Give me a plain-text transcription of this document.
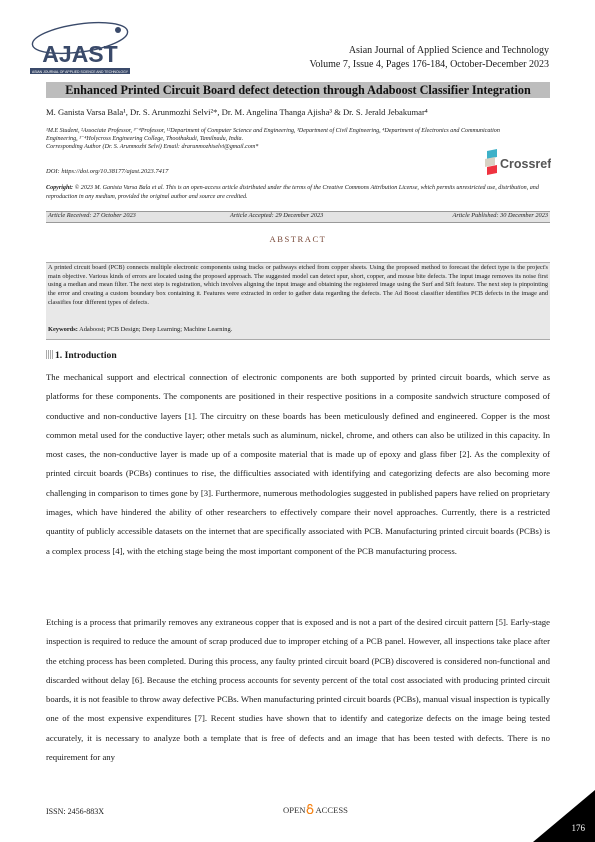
AJAST
ASIAN JOURNAL OF APPLIED SCIENCE AND TECHNOLOGY
Asian Journal of Applied Science and Technology
Volume 7, Issue 4, Pages 176-184, October-December 2023
Enhanced Printed Circuit Board defect detection through Adaboost Classifier Integration
M. Ganista Varsa Bala¹, Dr. S. Arunmozhi Selvi²*, Dr. M. Angelina Thanga Ajisha³ & Dr. S. Jerald Jebakumar⁴
¹M.E Student, ²Associate Professor, ³⁻⁴Professor, ¹²Department of Computer Science and Engineering, ³Department of Civil Engineering, ⁴Department of Electronics and Communication Engineering, ¹⁻⁴Holycross Engineering College, Thoothukudi, Tamilnadu, India.
Corresponding Author (Dr. S. Arunmozhi Selvi) Email: drarunmozhiselvi@gmail.com*
Crossref
DOI: https://doi.org/10.38177/ajast.2023.7417
Copyright: © 2023 M. Ganista Varsa Bala et al. This is an open-access article distributed under the terms of the Creative Commons Attribution License, which permits unrestricted use, distribution, and reproduction in any medium, provided the original author and source are credited.
Article Received: 27 October 2023	Article Accepted: 29 December 2023	Article Published: 30 December 2023
ABSTRACT
A printed circuit board (PCB) connects multiple electronic components using tracks or pathways etched from copper sheets. Using the proposed method to forecast the defect type is the project's main objective. Various kinds of errors are located using the proposed approach. The suggested model can detect spur, short, copper, and mouse bite defects. The input image removes its noise first using a median and mean filter. The next step is registration, which involves aligning the input image and obtaining the registered image using the Surf and Sift feature. The next step is pinpointing the error and creating a custom boundary box containing it. Features were extracted in order to gather data regarding the defects. The Ad Boost classifier identifies PCB defects in the image and classifies four different types of defects.
Keywords: Adaboost; PCB Design; Deep Learning; Machine Learning.
1. Introduction
The mechanical support and electrical connection of electronic components are both supported by printed circuit boards, which serve as platforms for these components. The components are positioned in their respective positions in a composite sandwich structure composed of conductive and non-conductive layers [1]. The circuitry on these boards has been meticulously defined and engineered. Copper is the most common metal used for the conductive layer; other metals such as aluminum, nickel, chrome, and others can also be utilized in this capacity. In most cases, the non-conductive layer is made up of a composite material that is made up of epoxy and glass fiber [2]. As the complexity of printed circuit boards (PCBs) continues to rise, the difficulties associated with identifying and categorizing defects are also becoming more challenging in comparison to times gone by [3]. Furthermore, numerous methodologies suggested in published papers have relied on proprietary images, which have hindered the ability of other researchers to effectively compare their novel approaches. Currently, there is a restricted quantity of publicly accessible datasets on the internet that are specifically associated with PCB. Manufacturing printed circuit boards (PCBs) is a complex process [4], with the etching stage being the most important component of the PCB manufacturing process.
Etching is a process that primarily removes any extraneous copper that is exposed and is not a part of the desired circuit pattern [5]. Early-stage inspection is required to reduce the amount of scrap produced due to improper etching of a PCB panel. However, all inspections take place after the etching process has been completed. During this process, any faulty printed circuit board (PCB) discovered is considered non-functional and discarded without delay [6]. Because the etching process accounts for seventy percent of the total cost associated with producing printed circuit boards, it is not feasible to throw away defective PCBs. When manufacturing printed circuit boards (PCBs), manual visual inspection is typically one of the most expensive expenditures [7]. Recent studies have shown that to identify and categorize defects on the image being tested accurately, it is necessary to analyze both a template that is free of defects and an image that has been tested with defects. There is no requirement for any
ISSN: 2456-883X	OPEN ACCESS
176
